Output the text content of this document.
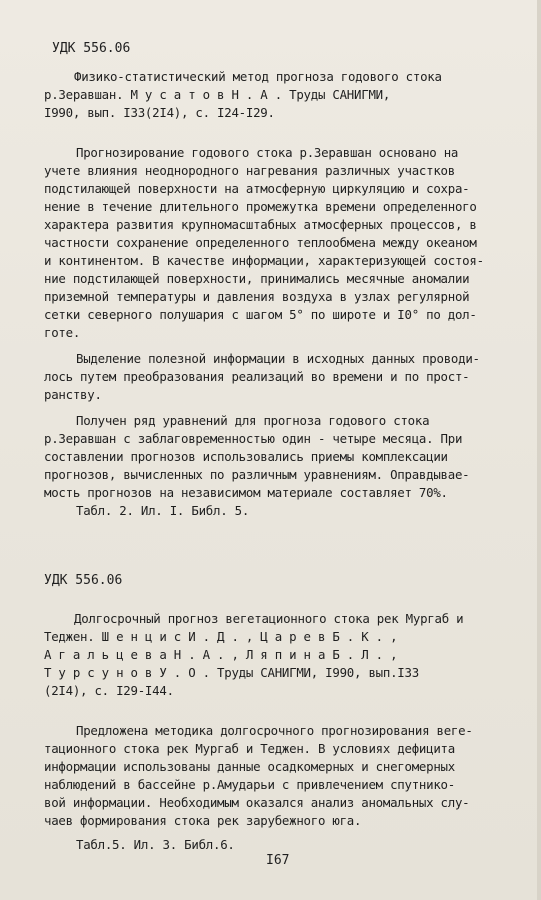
УДК 556.06
Физико-статистический метод прогноза годового стока
р.Зеравшан. М у с а т о в Н . А . Труды САНИГМИ,
I990, вып. I33(2I4), с. I24-I29.
Прогнозирование годового стока р.Зеравшан основано на
учете влияния неоднородного нагревания различных участков
подстилающей поверхности на атмосферную циркуляцию и сохра-
нение в течение длительного промежутка времени определенного
характера развития крупномасштабных атмосферных процессов, в
частности сохранение определенного теплообмена между океаном
и континентом. В качестве информации, характеризующей состоя-
ние подстилающей поверхности, принимались месячные аномалии
приземной температуры и давления воздуха в узлах регулярной
сетки северного полушария с шагом 5° по широте и I0° по дол-
готе.
Выделение полезной информации в исходных данных проводи-
лось путем преобразования реализаций во времени и по прост-
ранству.
Получен ряд уравнений для прогноза годового стока
р.Зеравшан с заблаговременностью один - четыре месяца. При
составлении прогнозов использовались приемы комплексации
прогнозов, вычисленных по различным уравнениям. Оправдывае-
мость прогнозов на независимом материале составляет 70%.
Табл. 2. Ил. I. Библ. 5.
УДК 556.06
Долгосрочный прогноз вегетационного стока рек Мургаб и
Теджен. Ш е н ц и с И . Д . , Ц а р е в Б . К . ,
А г а л ь ц е в а Н . А . , Л я п и н а Б . Л . ,
Т у р с у н о в У . О . Труды САНИГМИ, I990, вып.I33
(2I4), с. I29-I44.
Предложена методика долгосрочного прогнозирования веге-
тационного стока рек Мургаб и Теджен. В условиях дефицита
информации использованы данные осадкомерных и снегомерных
наблюдений в бассейне р.Амударьи с привлечением спутнико-
вой информации. Необходимым оказался анализ аномальных слу-
чаев формирования стока рек зарубежного юга.
Табл.5. Ил. 3. Библ.6.
I67
